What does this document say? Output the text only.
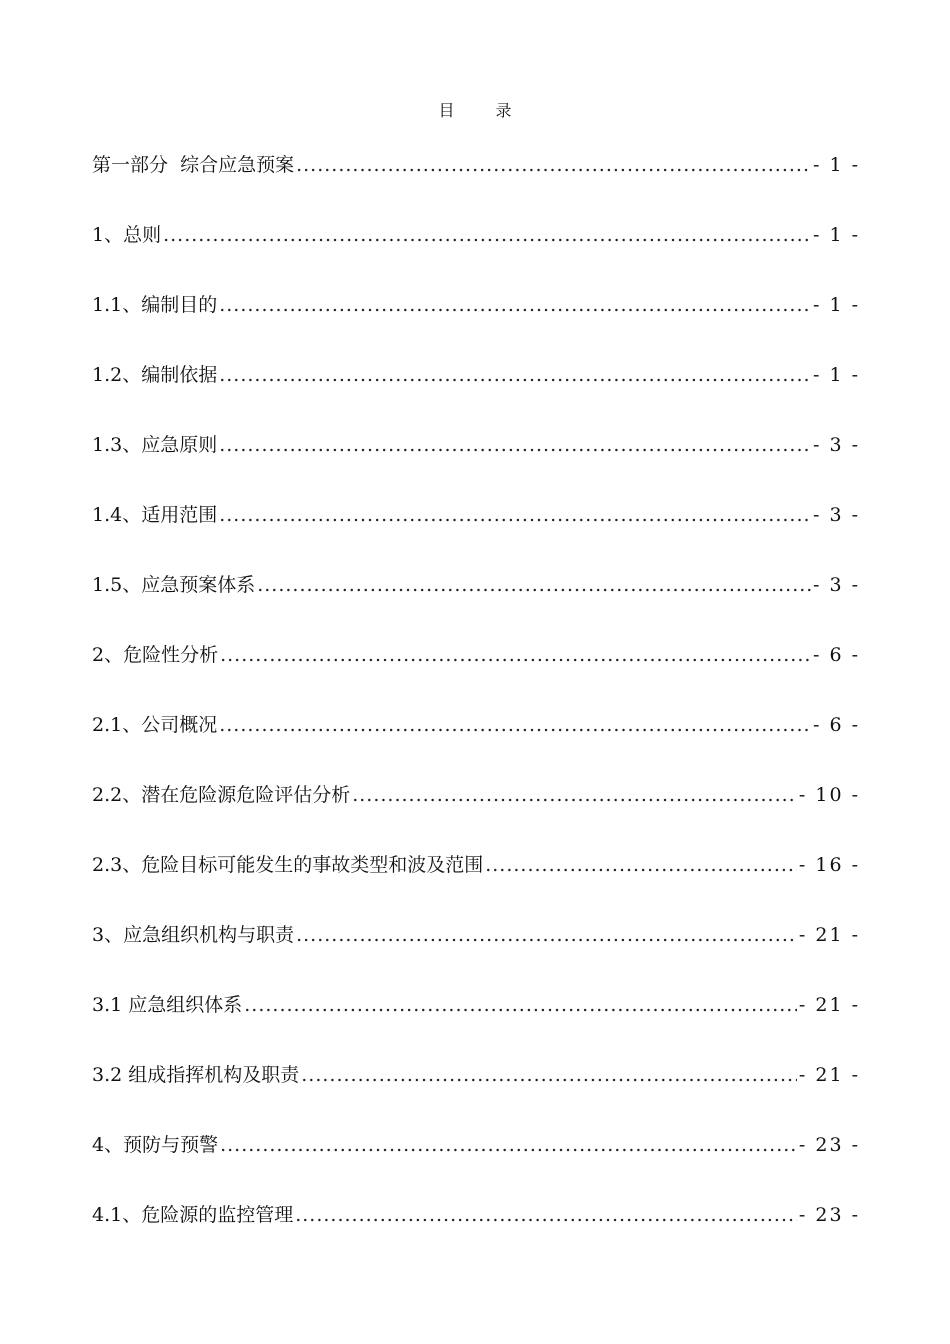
目 录
第一部分  综合应急预案 .....	- 1 -
1、总则 .....	- 1 -
1.1、编制目的 .....	- 1 -
1.2、编制依据 .....	- 1 -
1.3、应急原则 .....	- 3 -
1.4、适用范围 .....	- 3 -
1.5、应急预案体系 .....	- 3 -
2、危险性分析 .....	- 6 -
2.1、公司概况 .....	- 6 -
2.2、潜在危险源危险评估分析 .....	- 10 -
2.3、危险目标可能发生的事故类型和波及范围 .....	- 16 -
3、应急组织机构与职责 .....	- 21 -
3.1 应急组织体系 .....	- 21 -
3.2 组成指挥机构及职责 .....	- 21 -
4、预防与预警 .....	- 23 -
4.1、危险源的监控管理 .....	- 23 -
